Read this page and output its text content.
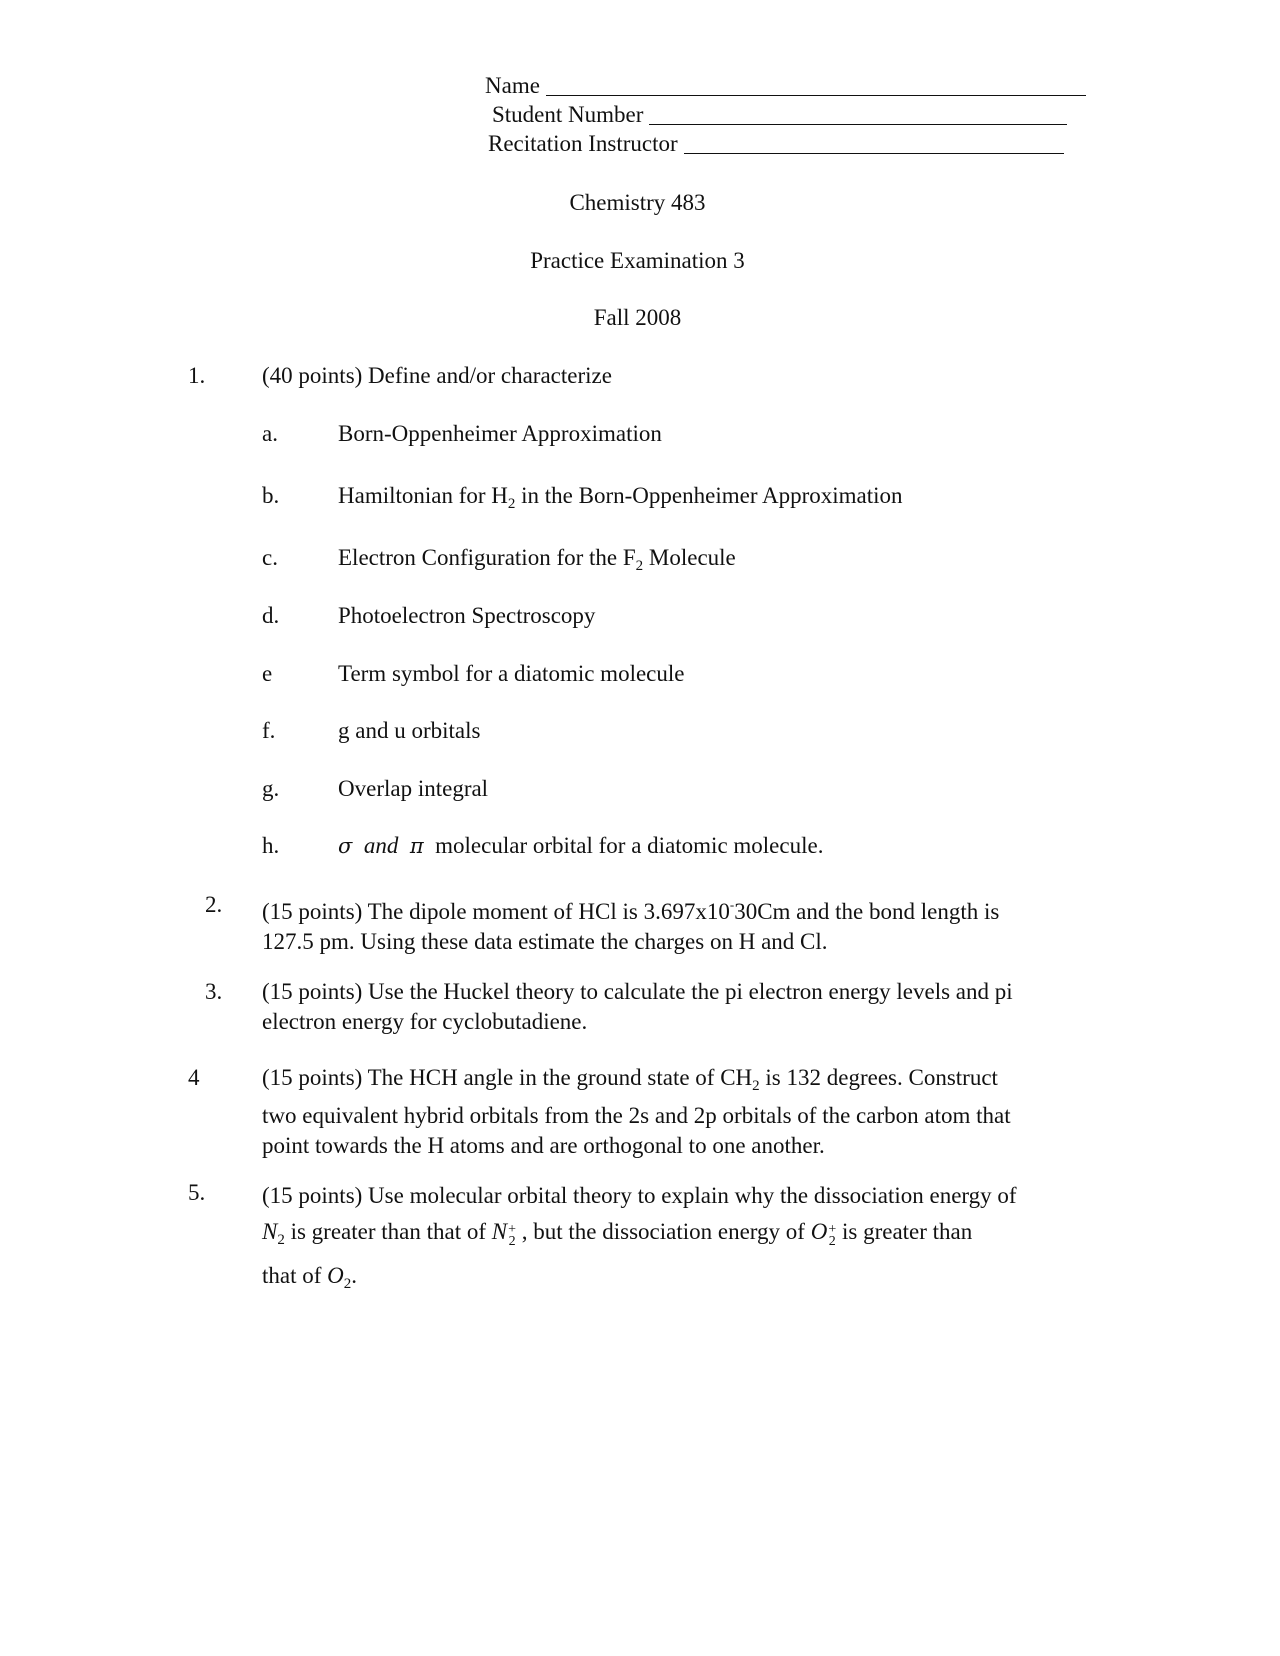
Name
Student Number
Recitation Instructor
Chemistry 483
Practice Examination 3
Fall 2008
1. (40 points) Define and/or characterize
a.	Born-Oppenheimer Approximation
b.	Hamiltonian for $H_2$ in the Born-Oppenheimer Approximation
c.	Electron Configuration for the $F_2$ Molecule
d.	Photoelectron Spectroscopy
e	Term symbol for a diatomic molecule
f.	g and u orbitals
g.	Overlap integral
h.	σ and π  molecular orbital for a diatomic molecule.
2. (15 points) The dipole moment of HCl is 3.697x10-30Cm and the bond length is
127.5 pm. Using these data estimate the charges on H and Cl.
3. (15 points) Use the Huckel theory to calculate the pi electron energy levels and pi
electron energy for cyclobutadiene.
4	(15 points) The HCH angle in the ground state of $CH_2$ is 132 degrees. Construct
two equivalent hybrid orbitals from the 2s and 2p orbitals of the carbon atom that
point towards the H atoms and are orthogonal to one another.
5. (15 points) Use molecular orbital theory to explain why the dissociation energy of
$N_2$ is greater than that of N+
2 , but the dissociation energy of O+
2 is greater than
that of $O_2$.
